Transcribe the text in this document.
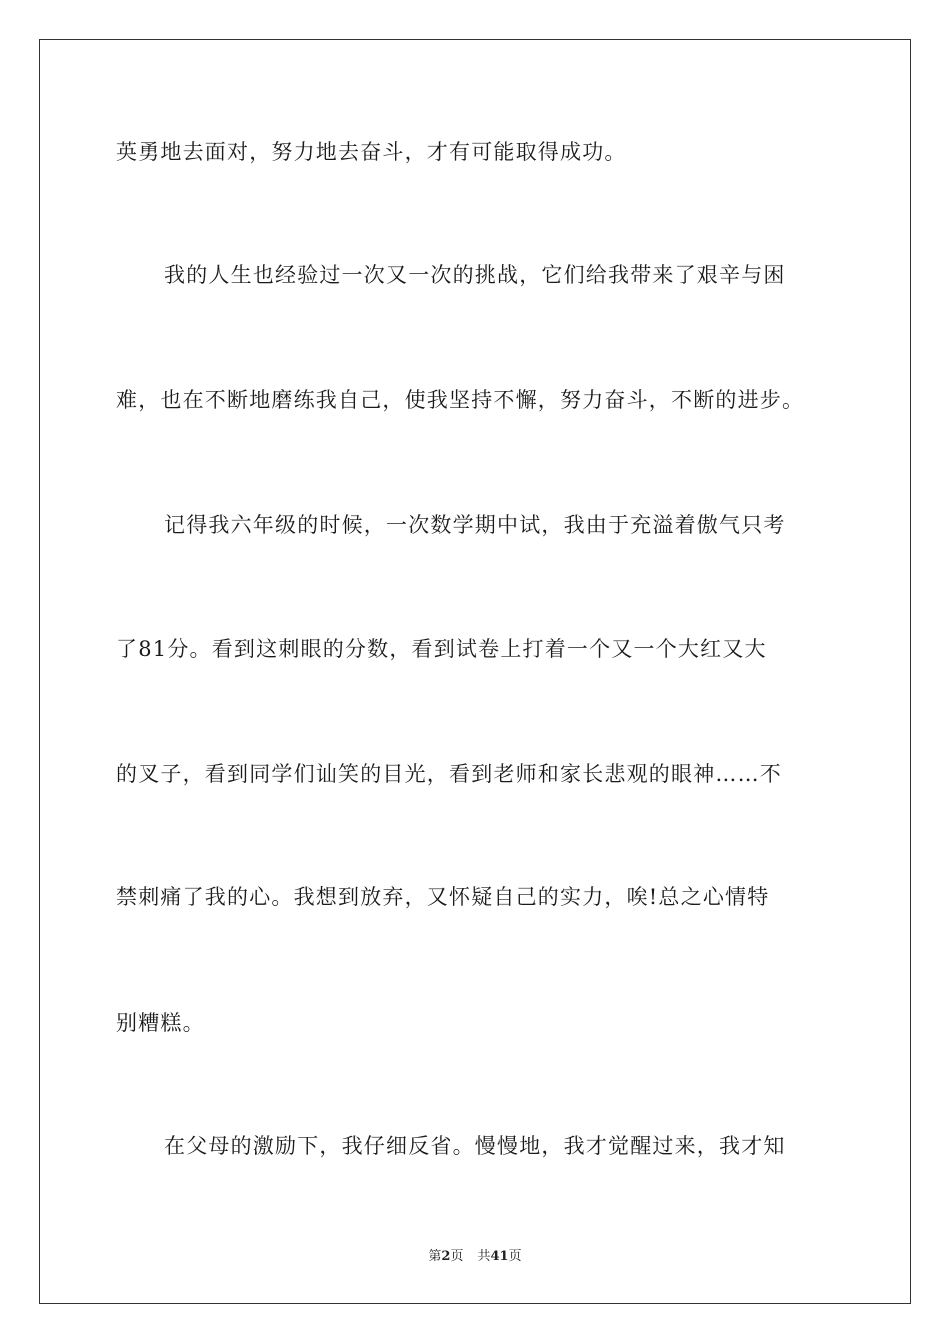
英勇地去面对，努力地去奋斗，才有可能取得成功。
我的人生也经验过一次又一次的挑战，它们给我带来了艰辛与困
难，也在不断地磨练我自己，使我坚持不懈，努力奋斗，不断的进步。
记得我六年级的时候，一次数学期中试，我由于充溢着傲气只考
了81分。看到这刺眼的分数，看到试卷上打着一个又一个大红又大
的叉子，看到同学们讪笑的目光，看到老师和家长悲观的眼神……不
禁刺痛了我的心。我想到放弃，又怀疑自己的实力，唉!总之心情特
别糟糕。
在父母的激励下，我仔细反省。慢慢地，我才觉醒过来，我才知
第2页 共41页
